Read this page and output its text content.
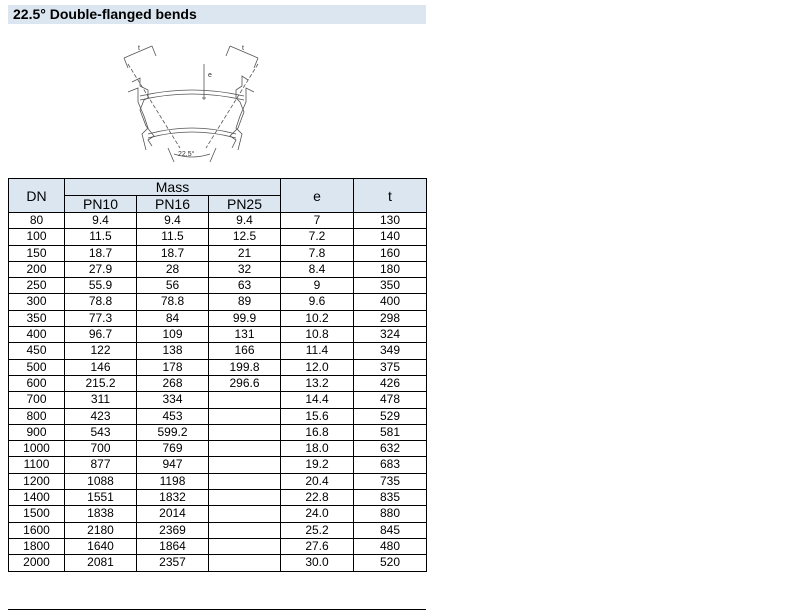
22.5° Double-flanged bends
t	t
e
22.5°
DN	Mass			e	t
	PN10	PN16	PN25		
80	9.4	9.4	9.4	7	130
100	11.5	11.5	12.5	7.2	140
150	18.7	18.7	21	7.8	160
200	27.9	28	32	8.4	180
250	55.9	56	63	9	350
300	78.8	78.8	89	9.6	400
350	77.3	84	99.9	10.2	298
400	96.7	109	131	10.8	324
450	122	138	166	11.4	349
500	146	178	199.8	12.0	375
600	215.2	268	296.6	13.2	426
700	311	334		14.4	478
800	423	453		15.6	529
900	543	599.2		16.8	581
1000	700	769		18.0	632
1100	877	947		19.2	683
1200	1088	1198		20.4	735
1400	1551	1832		22.8	835
1500	1838	2014		24.0	880
1600	2180	2369		25.2	845
1800	1640	1864		27.6	480
2000	2081	2357		30.0	520
